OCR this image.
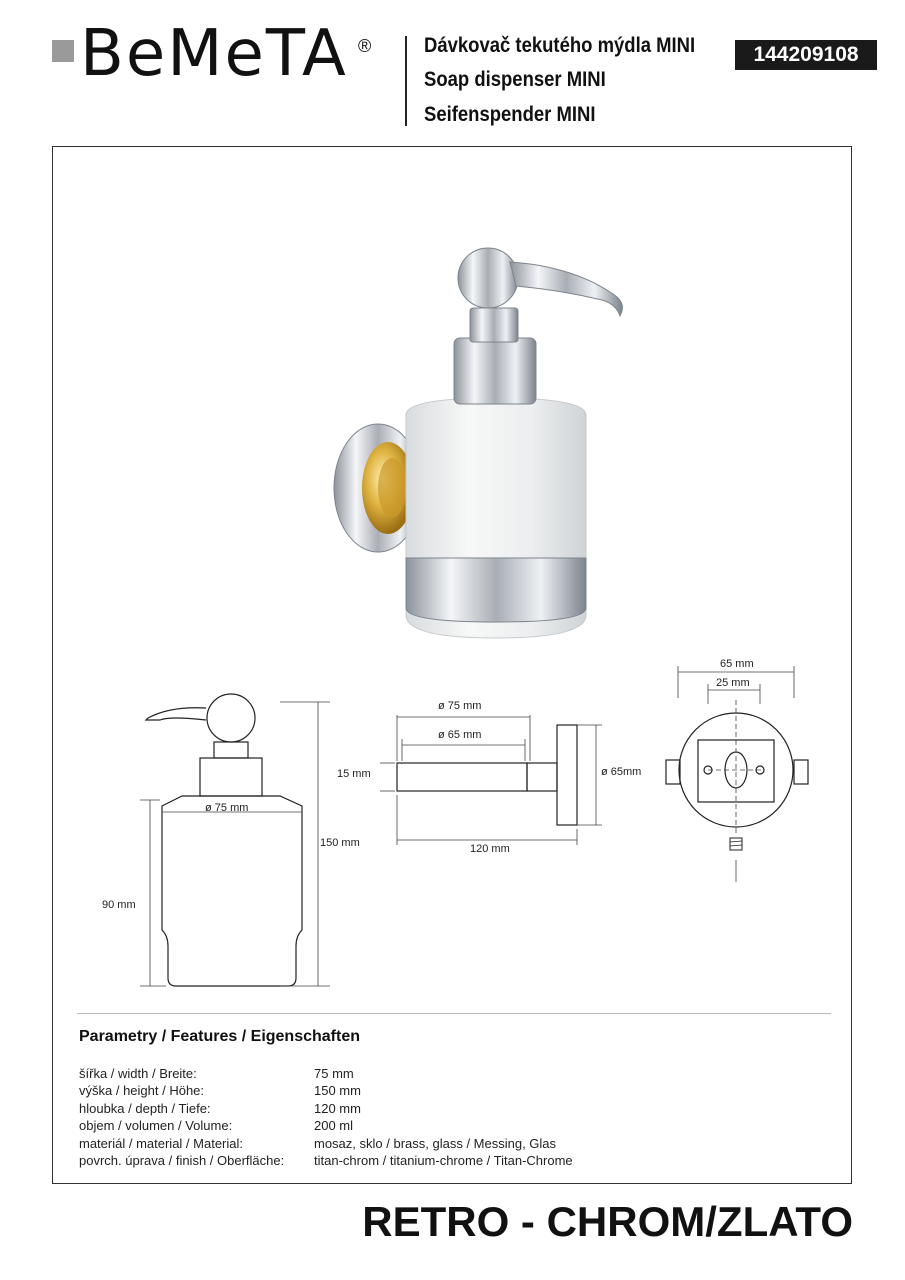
BeMeTA ®	Dávkovač tekutého mýdla MINI
Soap dispenser MINI
Seifenspender MINI
144209108
ø 75 mm
150 mm
90 mm
ø 75 mm
ø 65 mm
15 mm	ø 65mm
120 mm
65 mm
25 mm
Parametry / Features / Eigenschaften
šířka / width / Breite:	75 mm
výška / height / Höhe:	150 mm
hloubka / depth / Tiefe:	120 mm
objem / volumen / Volume:	200 ml
materiál / material / Material:	mosaz, sklo / brass, glass / Messing, Glas
povrch. úprava / finish / Oberfläche: titan-chrom / titanium-chrome / Titan-Chrome
RETRO - CHROM/ZLATO
